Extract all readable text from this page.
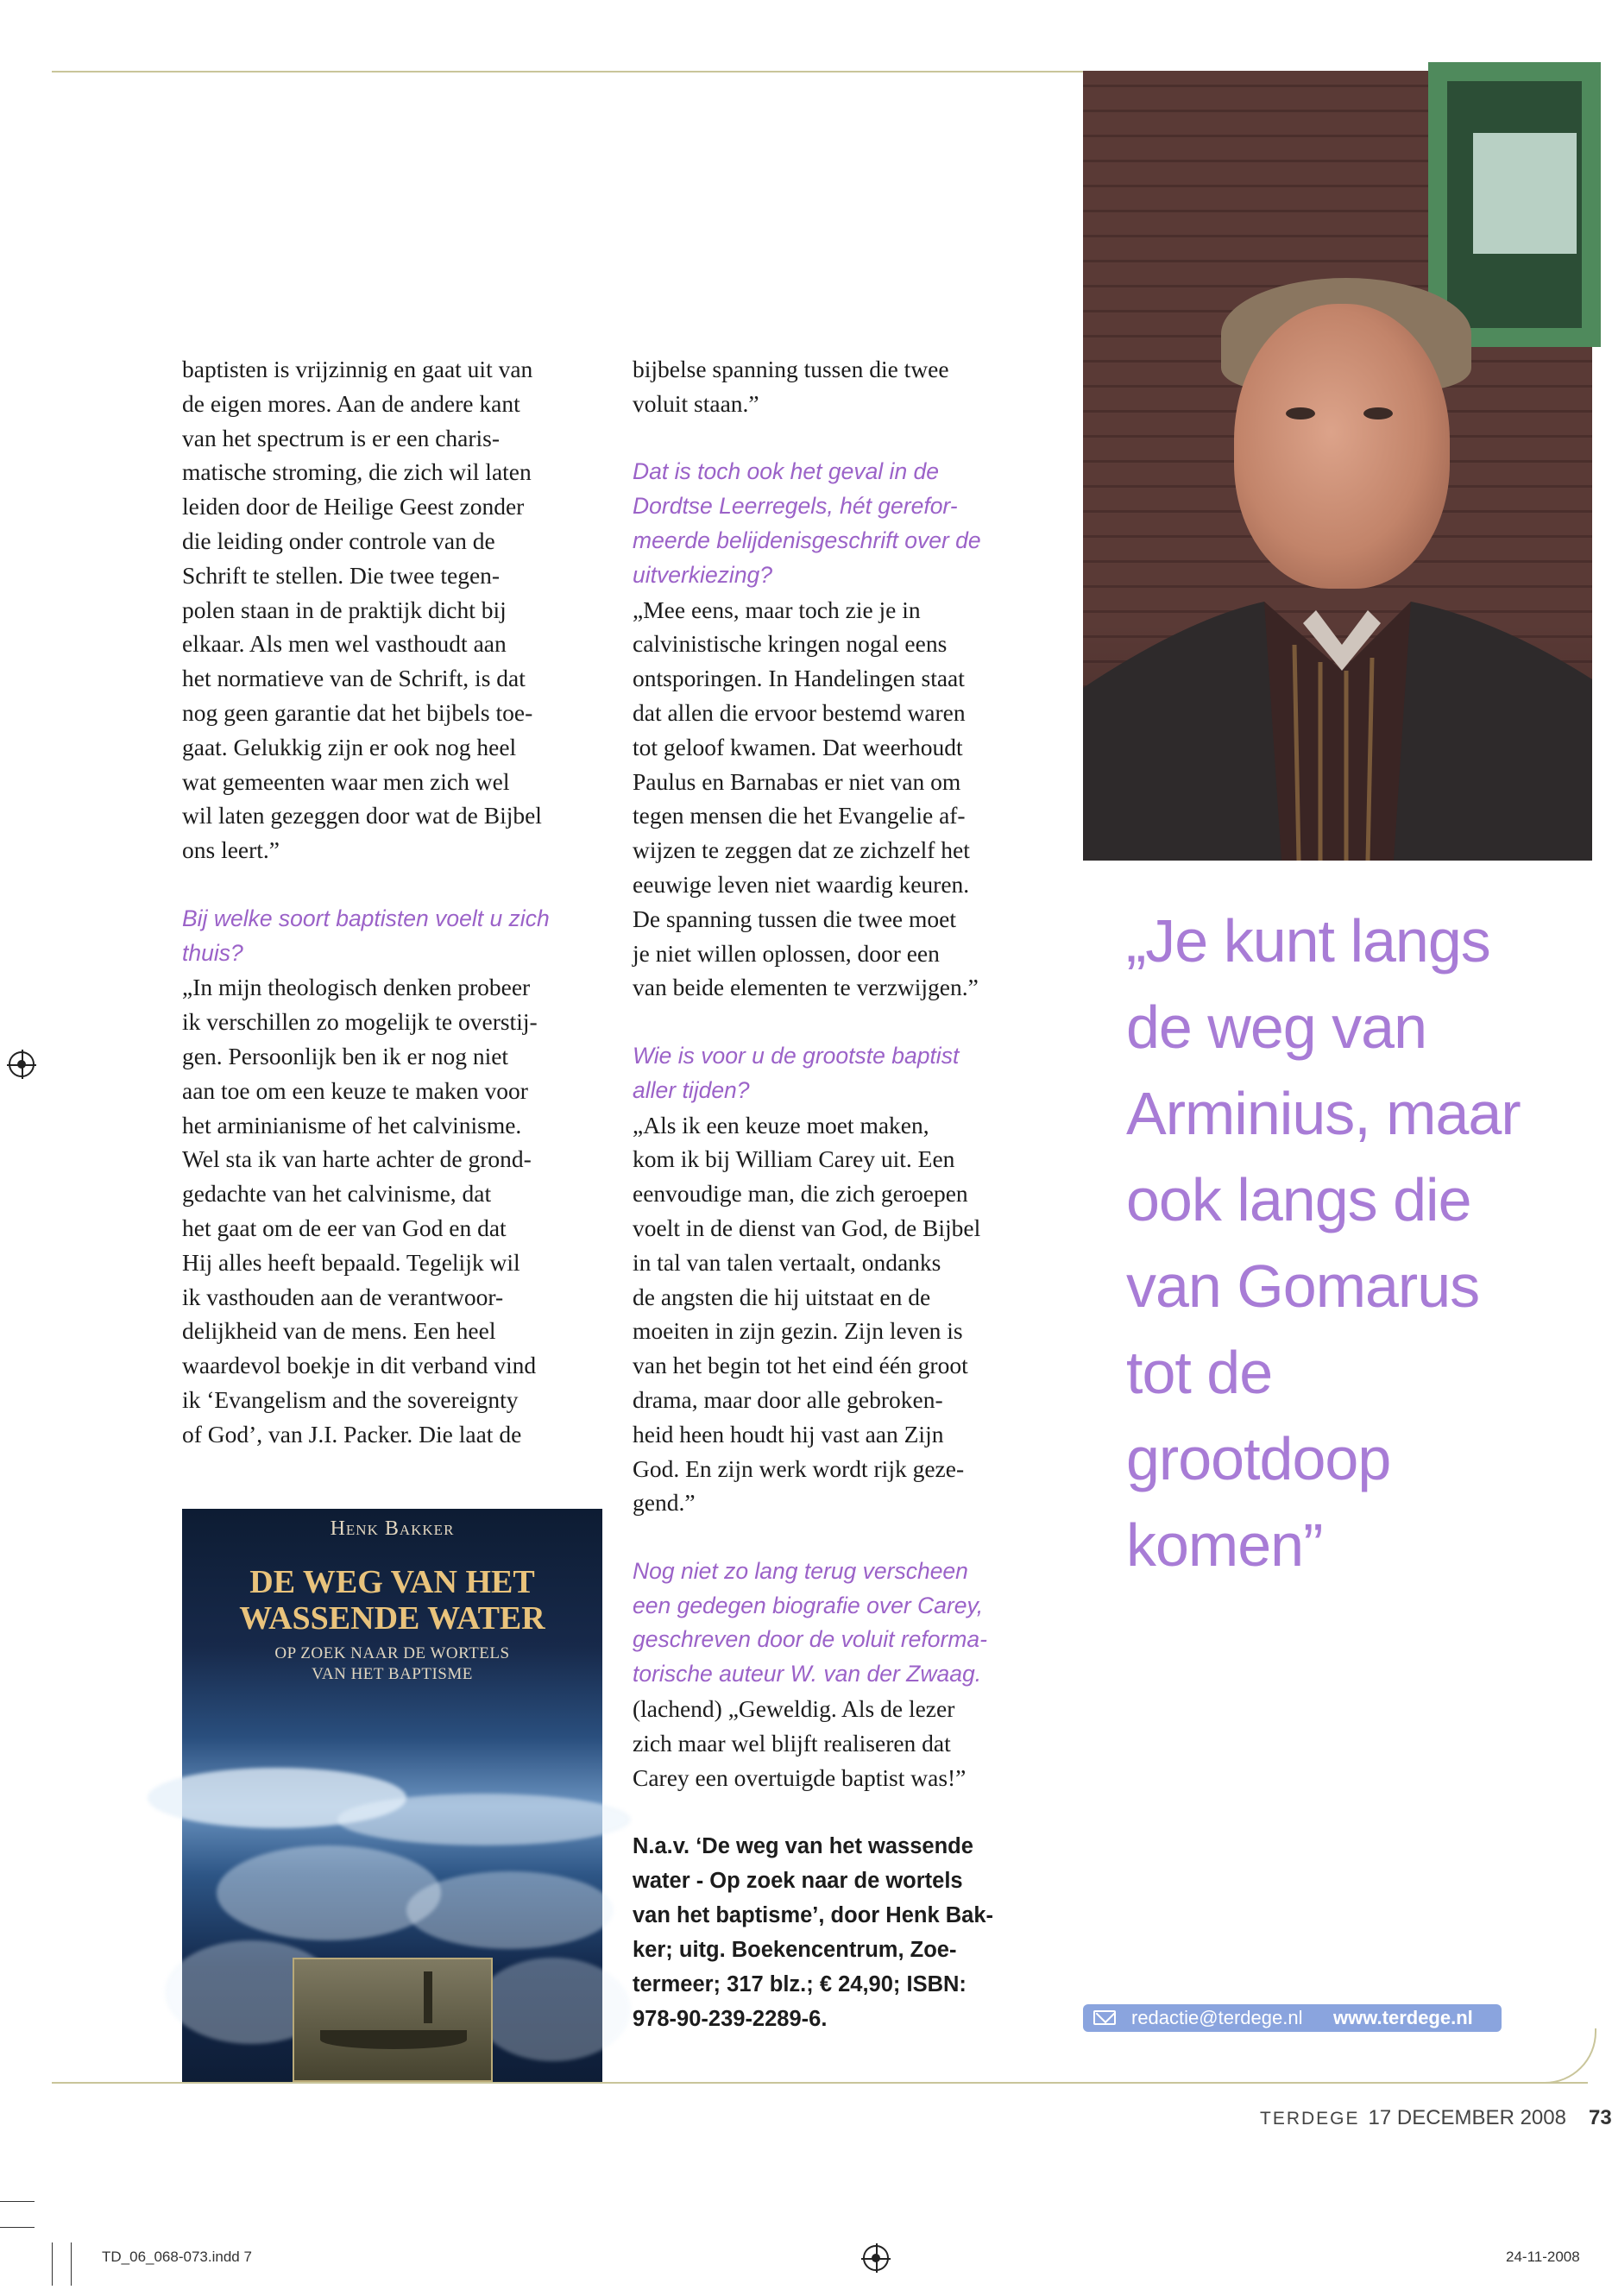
baptisten is vrijzinnig en gaat uit van
de eigen mores. Aan de andere kant
van het spectrum is er een charis-
matische stroming, die zich wil laten
leiden door de Heilige Geest zonder
die leiding onder controle van de
Schrift te stellen. Die twee tegen-
polen staan in de praktijk dicht bij
elkaar. Als men wel vasthoudt aan
het normatieve van de Schrift, is dat
nog geen garantie dat het bijbels toe-
gaat. Gelukkig zijn er ook nog heel
wat gemeenten waar men zich wel
wil laten gezeggen door wat de Bijbel
ons leert.”

Bij welke soort baptisten voelt u zich
thuis?

„In mijn theologisch denken probeer
ik verschillen zo mogelijk te overstij-
gen. Persoonlijk ben ik er nog niet
aan toe om een keuze te maken voor
het arminianisme of het calvinisme.
Wel sta ik van harte achter de grond-
gedachte van het calvinisme, dat
het gaat om de eer van God en dat
Hij alles heeft bepaald. Tegelijk wil
ik vasthouden aan de verantwoor-
delijkheid van de mens. Een heel
waardevol boekje in dit verband vind
ik ‘Evangelism and the sovereignty
of God’, van J.I. Packer. Die laat de

Henk Bakker
DE WEG VAN HET
WASSENDE WATER
OP ZOEK NAAR DE WORTELS
VAN HET BAPTISME

bijbelse spanning tussen die twee
voluit staan.”

Dat is toch ook het geval in de
Dordtse Leerregels, hét gerefor-
meerde belijdenisgeschrift over de
uitverkiezing?

„Mee eens, maar toch zie je in
calvinistische kringen nogal eens
ontsporingen. In Handelingen staat
dat allen die ervoor bestemd waren
tot geloof kwamen. Dat weerhoudt
Paulus en Barnabas er niet van om
tegen mensen die het Evangelie af-
wijzen te zeggen dat ze zichzelf het
eeuwige leven niet waardig keuren.
De spanning tussen die twee moet
je niet willen oplossen, door een
van beide elementen te verzwijgen.”

Wie is voor u de grootste baptist
aller tijden?

„Als ik een keuze moet maken,
kom ik bij William Carey uit. Een
eenvoudige man, die zich geroepen
voelt in de dienst van God, de Bijbel
in tal van talen vertaalt, ondanks
de angsten die hij uitstaat en de
moeiten in zijn gezin. Zijn leven is
van het begin tot het eind één groot
drama, maar door alle gebroken-
heid heen houdt hij vast aan Zijn
God. En zijn werk wordt rijk geze-
gend.”

Nog niet zo lang terug verscheen
een gedegen biografie over Carey,
geschreven door de voluit reforma-
torische auteur W. van der Zwaag.

(lachend) „Geweldig. Als de lezer
zich maar wel blijft realiseren dat
Carey een overtuigde baptist was!”

N.a.v. ‘De weg van het wassende
water - Op zoek naar de wortels
van het baptisme’, door Henk Bak-
ker; uitg. Boekencentrum, Zoe-
termeer; 317 blz.; € 24,90; ISBN:
978-90-239-2289-6.

„Je kunt langs
de weg van
Arminius, maar
ook langs die
van Gomarus
tot de
grootdoop
komen”
redactie@terdege.nl www.terdege.nl
TERDEGE 17 DECEMBER 2008 73
TD_06_068-073.indd 7	24-11-2008
